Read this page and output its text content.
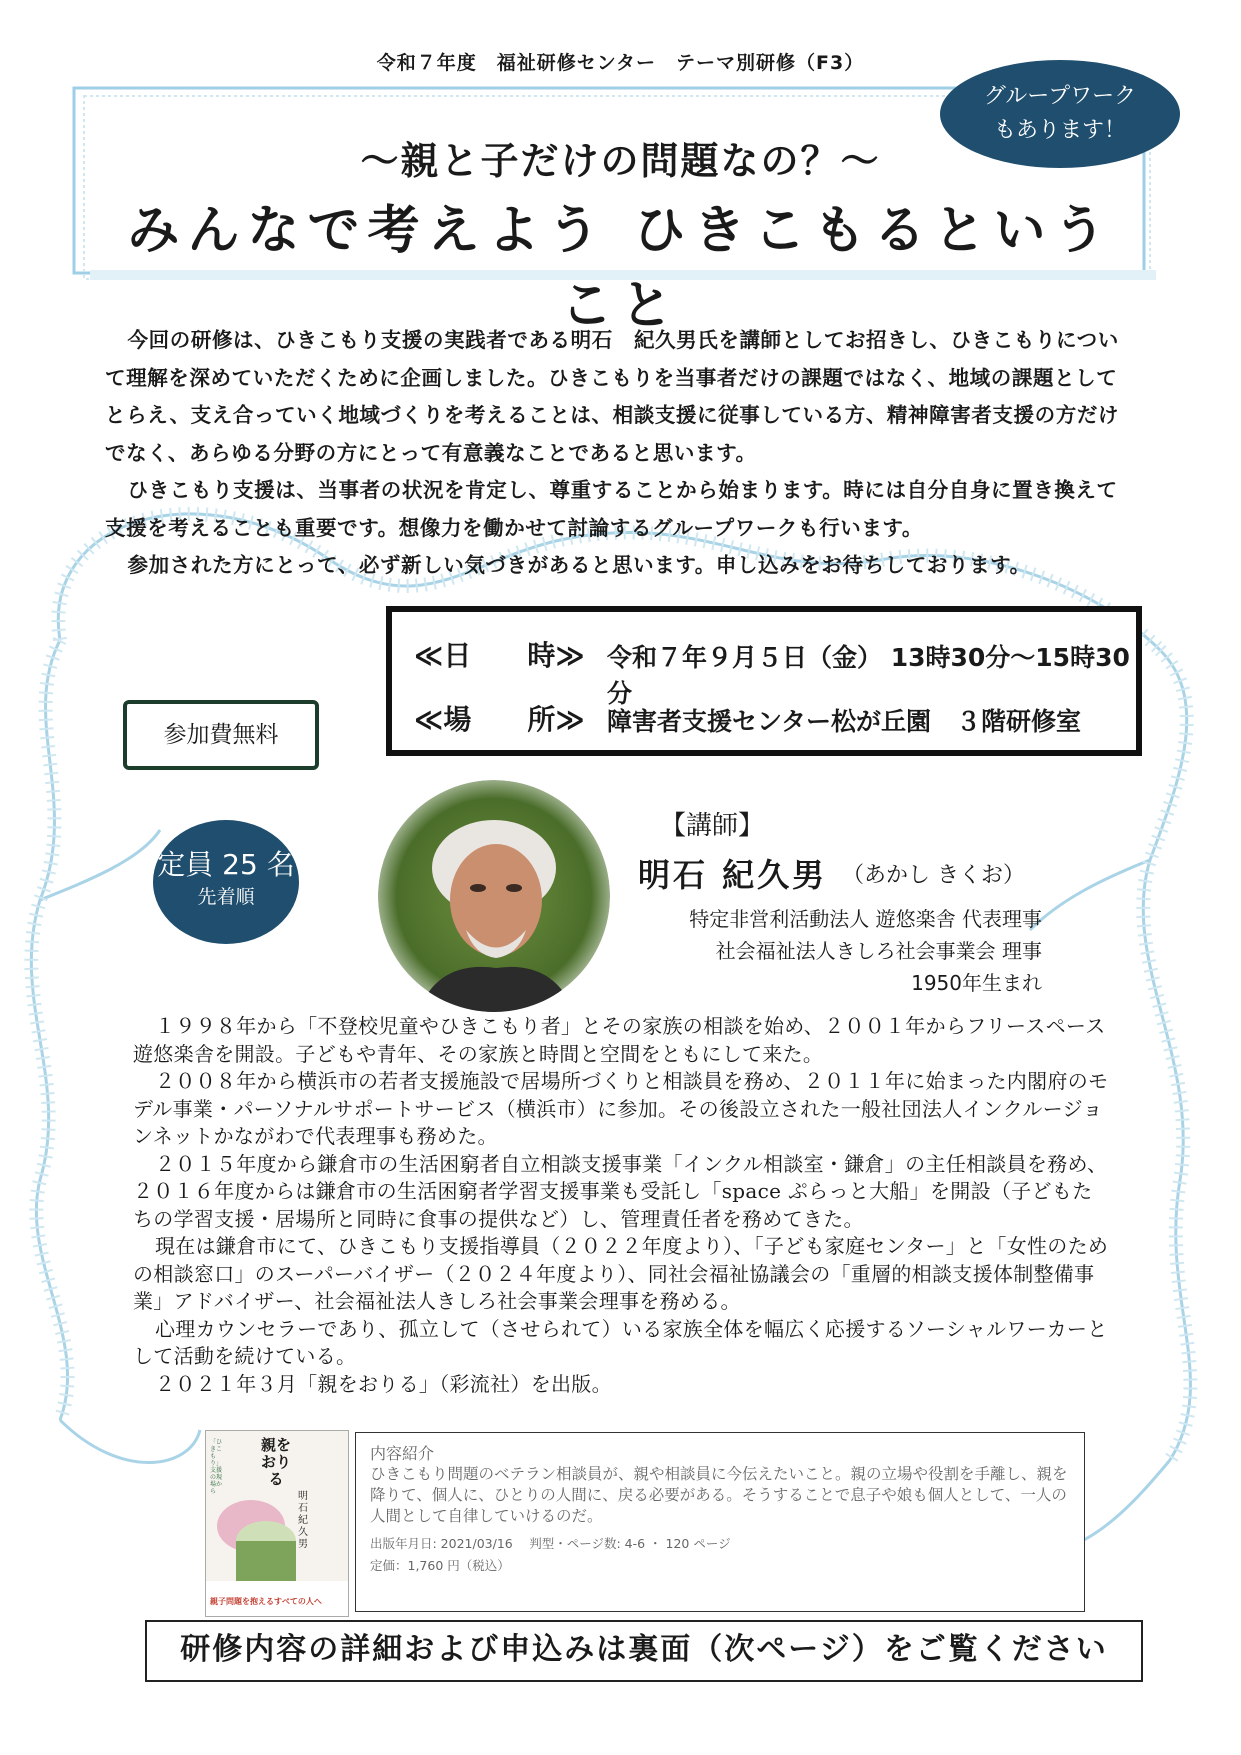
令和７年度　福祉研修センター　テーマ別研修（F3）
～親と子だけの問題なの？～
みんなで考えよう ひきこもるということ
グループワーク
もあります！

今回の研修は、ひきこもり支援の実践者である明石　紀久男氏を講師としてお招きし、ひきこもりについて理解を深めていただくために企画しました。ひきこもりを当事者だけの課題ではなく、地域の課題としてとらえ、支え合っていく地域づくりを考えることは、相談支援に従事している方、精神障害者支援の方だけでなく、あらゆる分野の方にとって有意義なことであると思います。

ひきこもり支援は、当事者の状況を肯定し、尊重することから始まります。時には自分自身に置き換えて支援を考えることも重要です。想像力を働かせて討論するグループワークも行います。

参加された方にとって、必ず新しい気づきがあると思います。申し込みをお待ちしております。

≪日　　時≫ 令和７年９月５日（金） 13時30分～15時30分
≪場　　所≫ 障害者支援センター松が丘園　３階研修室
参加費無料
定員 25 名
先着順
【講師】
明石 紀久男 （あかし きくお）
特定非営利活動法人 遊悠楽舎 代表理事
社会福祉法人きしろ社会事業会 理事
1950年生まれ

１９９８年から「不登校児童やひきこもり者」とその家族の相談を始め、２００１年からフリースペース遊悠楽舎を開設。子どもや青年、その家族と時間と空間をともにして来た。

２００８年から横浜市の若者支援施設で居場所づくりと相談員を務め、２０１１年に始まった内閣府のモデル事業・パーソナルサポートサービス（横浜市）に参加。その後設立された一般社団法人インクルージョンネットかながわで代表理事も務めた。

２０１５年度から鎌倉市の生活困窮者自立相談支援事業「インクル相談室・鎌倉」の主任相談員を務め、２０１６年度からは鎌倉市の生活困窮者学習支援事業も受託し「space ぷらっと大船」を開設（子どもたちの学習支援・居場所と同時に食事の提供など）し、管理責任者を務めてきた。

現在は鎌倉市にて、ひきこもり支援指導員（２０２２年度より）、「子ども家庭センター」と「女性のための相談窓口」のスーパーバイザー（２０２４年度より）、同社会福祉協議会の「重層的相談支援体制整備事業」アドバイザー、社会福祉法人きしろ社会事業会理事を務める。

心理カウンセラーであり、孤立して（させられて）いる家族全体を幅広く応援するソーシャルワーカーとして活動を続けている。

２０２１年３月「親をおりる」（彩流社）を出版。

親をおりる
「ひきこもり」支援の現場から	明石紀久男
親子問題を抱えるすべての人へ
内容紹介
ひきこもり問題のベテラン相談員が、親や相談員に今伝えたいこと。親の立場や役割を手離し、親を降りて、個人に、ひとりの人間に、戻る必要がある。そうすることで息子や娘も個人として、一人の人間として自律していけるのだ。
出版年月日: 2021/03/16　 判型・ページ数: 4-6 ・ 120 ページ
定価：1,760 円（税込）
研修内容の詳細および申込みは裏面（次ページ）をご覧ください
